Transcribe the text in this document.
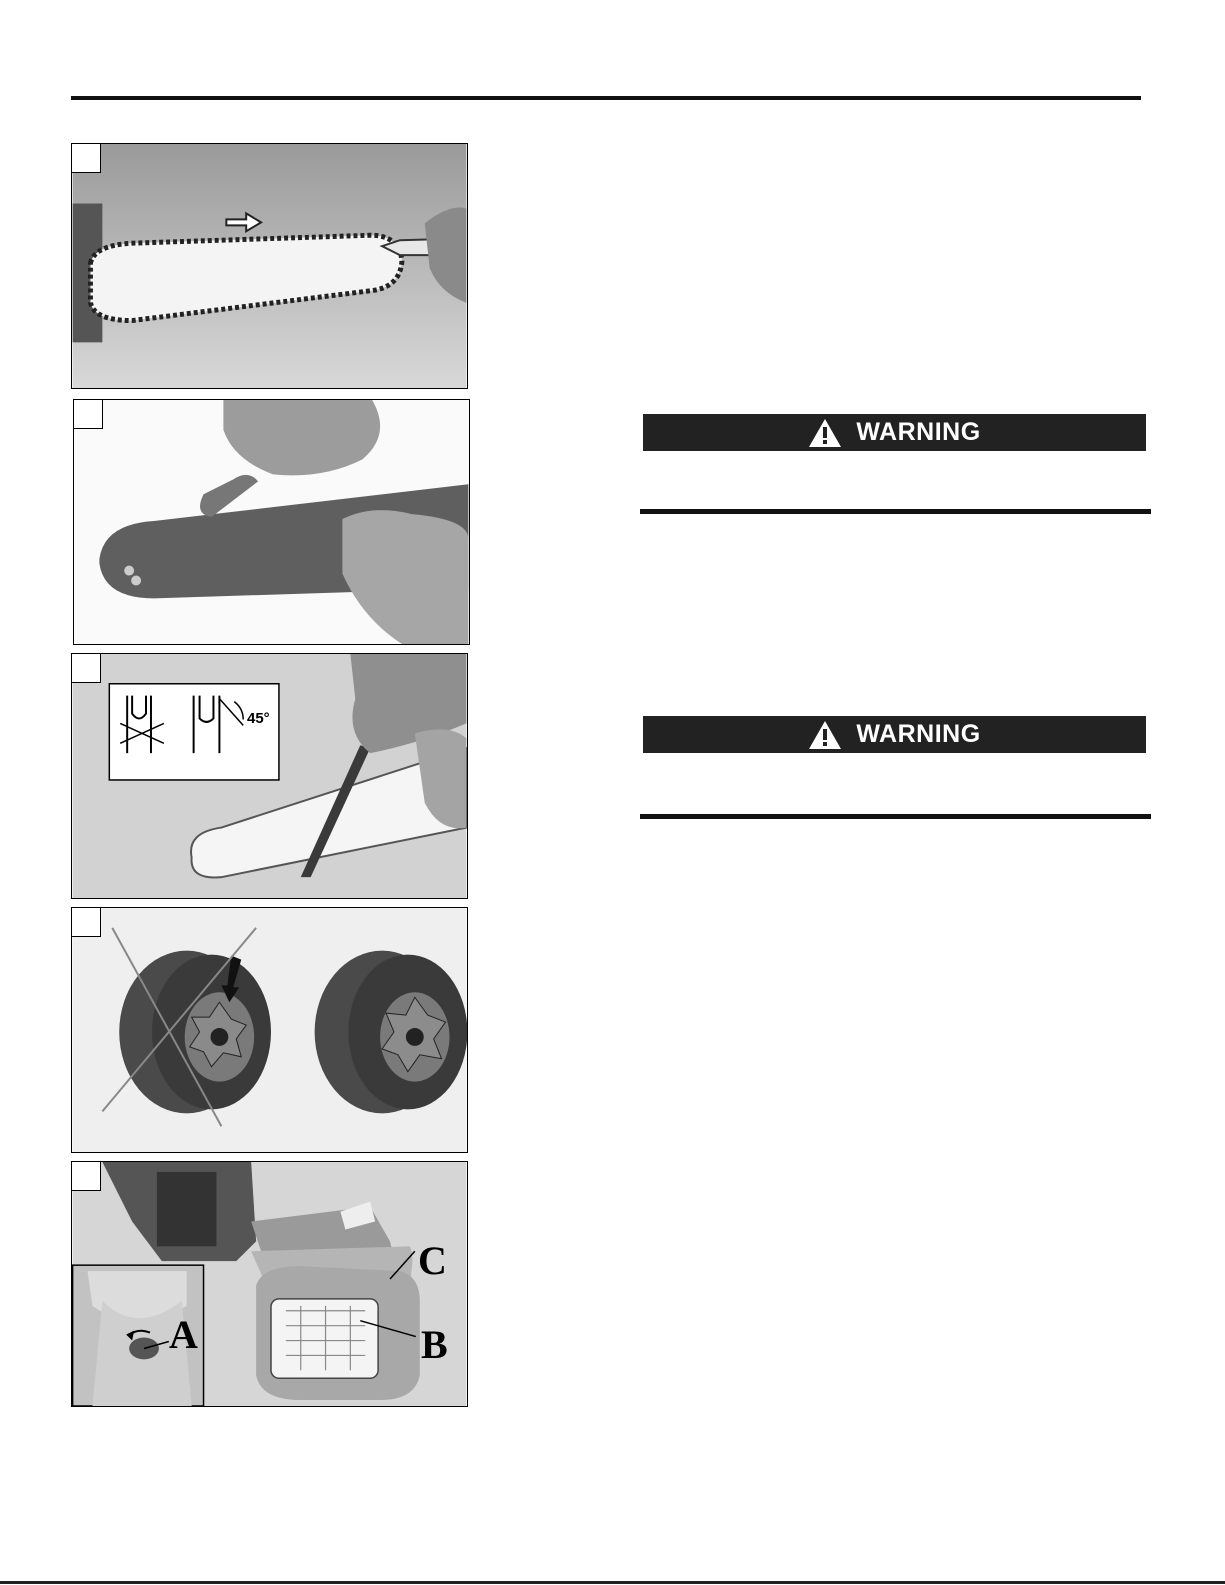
45°
A	B
C
WARNING
WARNING
